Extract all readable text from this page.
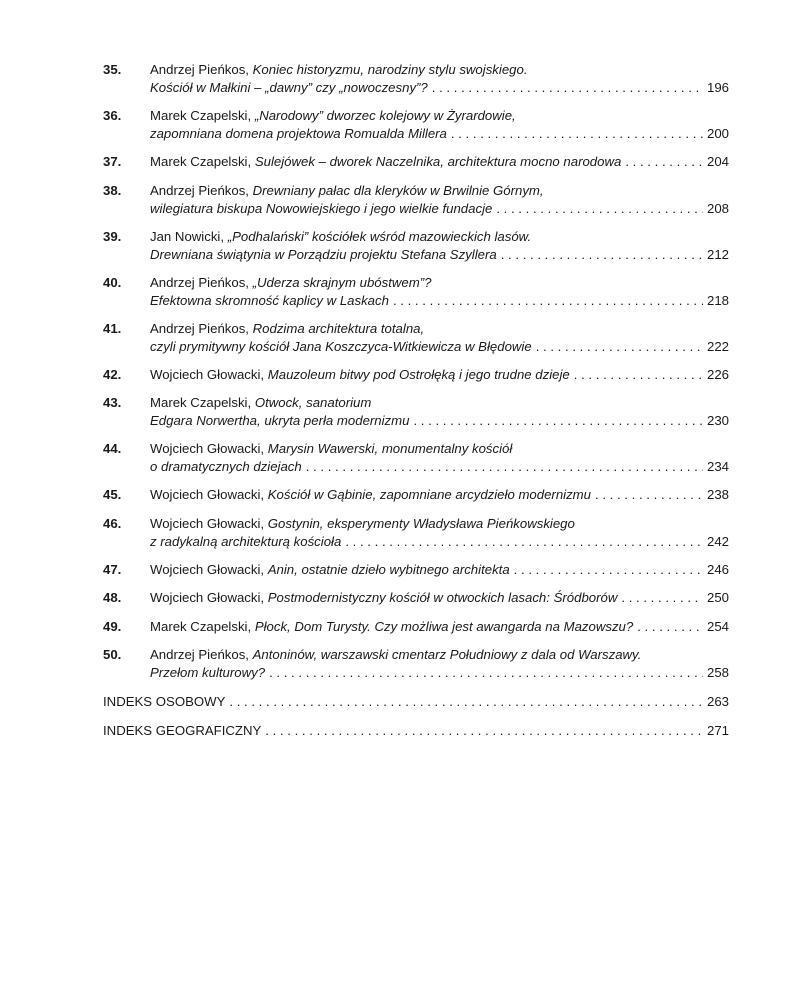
35.	Andrzej Pieńkos, Koniec historyzmu, narodziny stylu swojskiego.
Kościół w Małkini – „dawny” czy „nowoczesny”? . . .	196
36.	Marek Czapelski, „Narodowy” dworzec kolejowy w Żyrardowie,
zapomniana domena projektowa Romualda Millera . . .	200
37.	Marek Czapelski, Sulejówek – dworek Naczelnika, architektura mocno narodowa . . .	204
38.	Andrzej Pieńkos, Drewniany pałac dla kleryków w Brwilnie Górnym,
wilegiatura biskupa Nowowiejskiego i jego wielkie fundacje . . .	208
39.	Jan Nowicki, „Podhalański” kościółek wśród mazowieckich lasów.
Drewniana świątynia w Porządziu projektu Stefana Szyllera . . .	212
40.	Andrzej Pieńkos, „Uderza skrajnym ubóstwem”?
Efektowna skromność kaplicy w Laskach . . .	218
41.	Andrzej Pieńkos, Rodzima architektura totalna,
czyli prymitywny kościół Jana Koszczyca-Witkiewicza w Błędowie . . .	222
42.	Wojciech Głowacki, Mauzoleum bitwy pod Ostrołęką i jego trudne dzieje . . .	226
43.	Marek Czapelski, Otwock, sanatorium
Edgara Norwertha, ukryta perła modernizmu . . .	230
44.	Wojciech Głowacki, Marysin Wawerski, monumentalny kościół
o dramatycznych dziejach . . .	234
45.	Wojciech Głowacki, Kościół w Gąbinie, zapomniane arcydzieło modernizmu . . .	238
46.	Wojciech Głowacki, Gostynin, eksperymenty Władysława Pieńkowskiego
z radykalną architekturą kościoła . . .	242
47.	Wojciech Głowacki, Anin, ostatnie dzieło wybitnego architekta . . .	246
48.	Wojciech Głowacki, Postmodernistyczny kościół w otwockich lasach: Śródborów . . .	250
49.	Marek Czapelski, Płock, Dom Turysty. Czy możliwa jest awangarda na Mazowszu? . . .	254
50.	Andrzej Pieńkos, Antoninów, warszawski cmentarz Południowy z dala od Warszawy.
Przełom kulturowy? . . .	258
INDEKS OSOBOWY . . .	263
INDEKS GEOGRAFICZNY . . .	271
